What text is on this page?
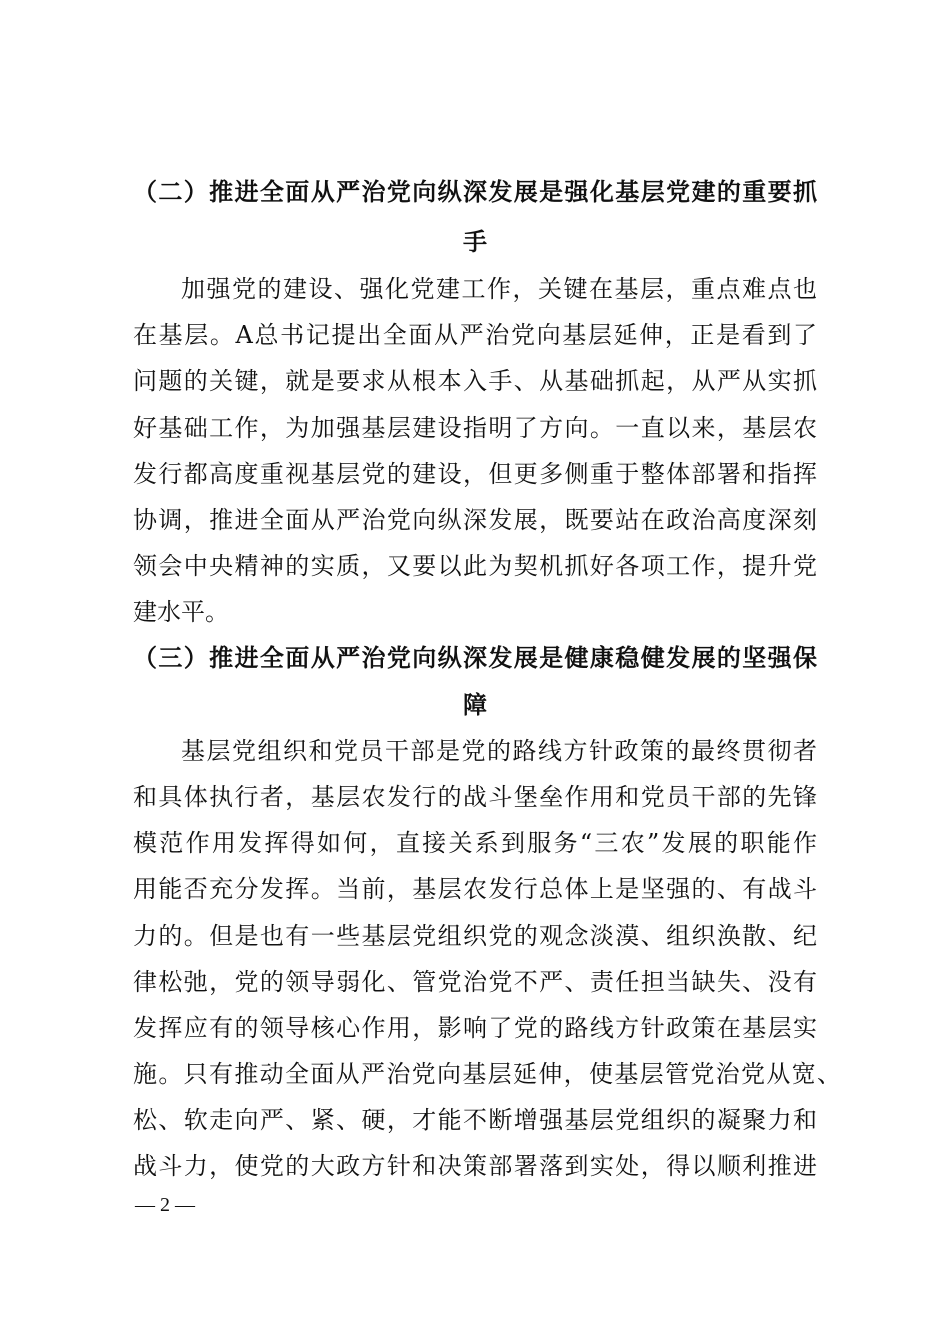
（二）推进全面从严治党向纵深发展是强化基层党建的重要抓

手

加强党的建设、强化党建工作，关键在基层，重点难点也

在基层。A总书记提出全面从严治党向基层延伸，正是看到了

问题的关键，就是要求从根本入手、从基础抓起，从严从实抓

好基础工作，为加强基层建设指明了方向。一直以来，基层农

发行都高度重视基层党的建设，但更多侧重于整体部署和指挥

协调，推进全面从严治党向纵深发展，既要站在政治高度深刻

领会中央精神的实质，又要以此为契机抓好各项工作，提升党

建水平。

（三）推进全面从严治党向纵深发展是健康稳健发展的坚强保

障

基层党组织和党员干部是党的路线方针政策的最终贯彻者

和具体执行者，基层农发行的战斗堡垒作用和党员干部的先锋

模范作用发挥得如何，直接关系到服务“三农”发展的职能作

用能否充分发挥。当前，基层农发行总体上是坚强的、有战斗

力的。但是也有一些基层党组织党的观念淡漠、组织涣散、纪

律松弛，党的领导弱化、管党治党不严、责任担当缺失、没有

发挥应有的领导核心作用，影响了党的路线方针政策在基层实

施。只有推动全面从严治党向基层延伸，使基层管党治党从宽、

松、软走向严、紧、硬，才能不断增强基层党组织的凝聚力和

战斗力，使党的大政方针和决策部署落到实处，得以顺利推进

— 2 —
